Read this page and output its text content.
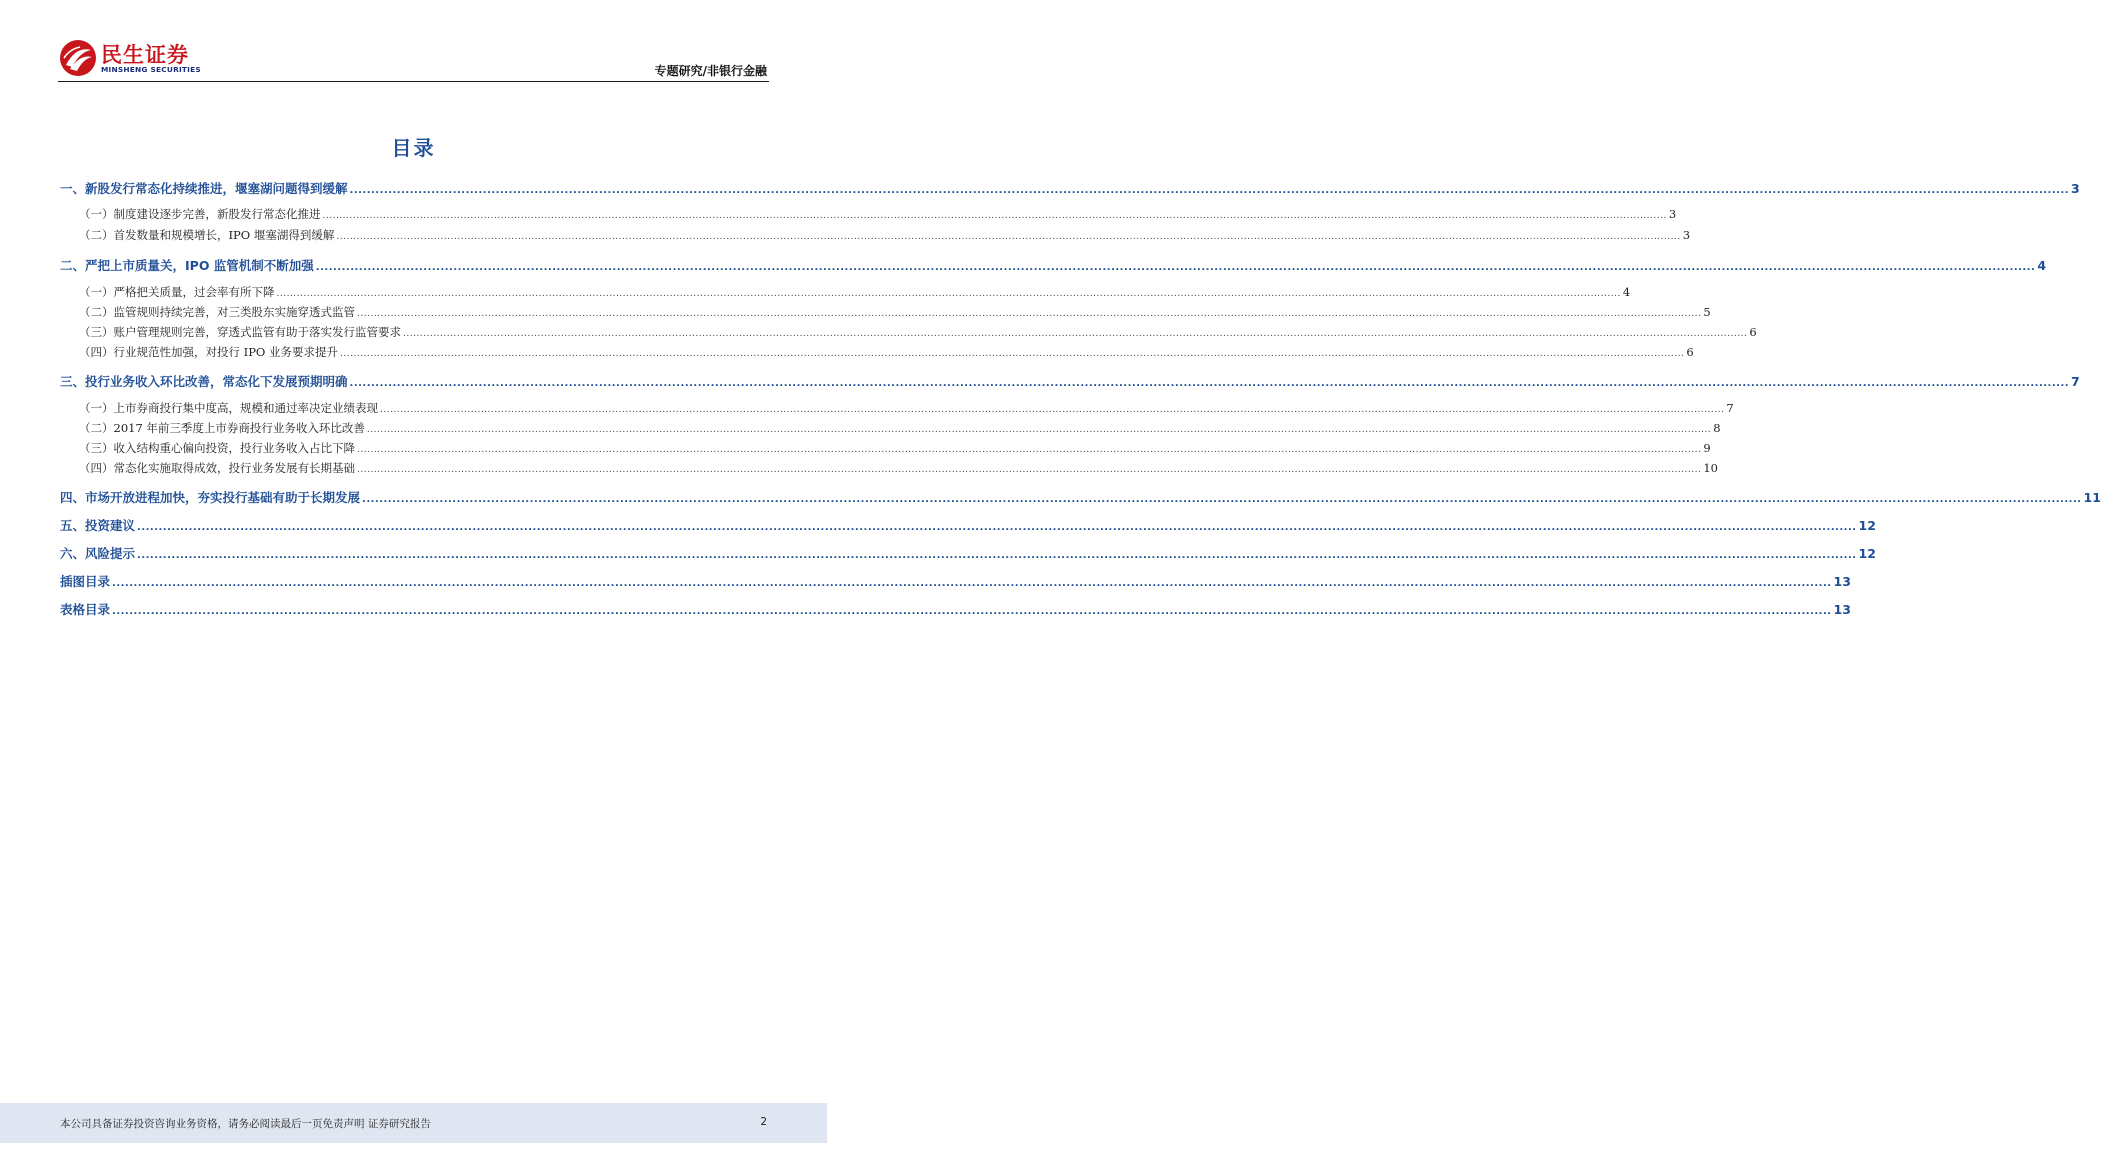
民生证券
MINSHENG SECURITIES	专题研究/非银行金融
目录
一、新股发行常态化持续推进，堰塞湖问题得到缓解 ................................................................................................................................................................................................................................................................................................................................................................................................................ 3
（一）制度建设逐步完善，新股发行常态化推进 ................................................................................................................................................................................................................................................................................................................................................................................................................ 3
（二）首发数量和规模增长，IPO 堰塞湖得到缓解 ................................................................................................................................................................................................................................................................................................................................................................................................................ 3
二、严把上市质量关，IPO 监管机制不断加强 ................................................................................................................................................................................................................................................................................................................................................................................................................ 4
（一）严格把关质量，过会率有所下降 ................................................................................................................................................................................................................................................................................................................................................................................................................ 4
（二）监管规则持续完善，对三类股东实施穿透式监管 ................................................................................................................................................................................................................................................................................................................................................................................................................ 5
（三）账户管理规则完善，穿透式监管有助于落实发行监管要求 ................................................................................................................................................................................................................................................................................................................................................................................................................ 6
（四）行业规范性加强，对投行 IPO 业务要求提升 ................................................................................................................................................................................................................................................................................................................................................................................................................ 6
三、投行业务收入环比改善，常态化下发展预期明确 ................................................................................................................................................................................................................................................................................................................................................................................................................ 7
（一）上市券商投行集中度高，规模和通过率决定业绩表现 ................................................................................................................................................................................................................................................................................................................................................................................................................ 7
（二）2017 年前三季度上市券商投行业务收入环比改善 ................................................................................................................................................................................................................................................................................................................................................................................................................ 8
（三）收入结构重心偏向投资，投行业务收入占比下降 ................................................................................................................................................................................................................................................................................................................................................................................................................ 9
（四）常态化实施取得成效，投行业务发展有长期基础 ................................................................................................................................................................................................................................................................................................................................................................................................................ 10
四、市场开放进程加快，夯实投行基础有助于长期发展 ................................................................................................................................................................................................................................................................................................................................................................................................................ 11
五、投资建议 ................................................................................................................................................................................................................................................................................................................................................................................................................ 12
六、风险提示 ................................................................................................................................................................................................................................................................................................................................................................................................................ 12
插图目录 ................................................................................................................................................................................................................................................................................................................................................................................................................ 13
表格目录 ................................................................................................................................................................................................................................................................................................................................................................................................................ 13
本公司具备证券投资咨询业务资格，请务必阅读最后一页免责声明 证券研究报告	2
